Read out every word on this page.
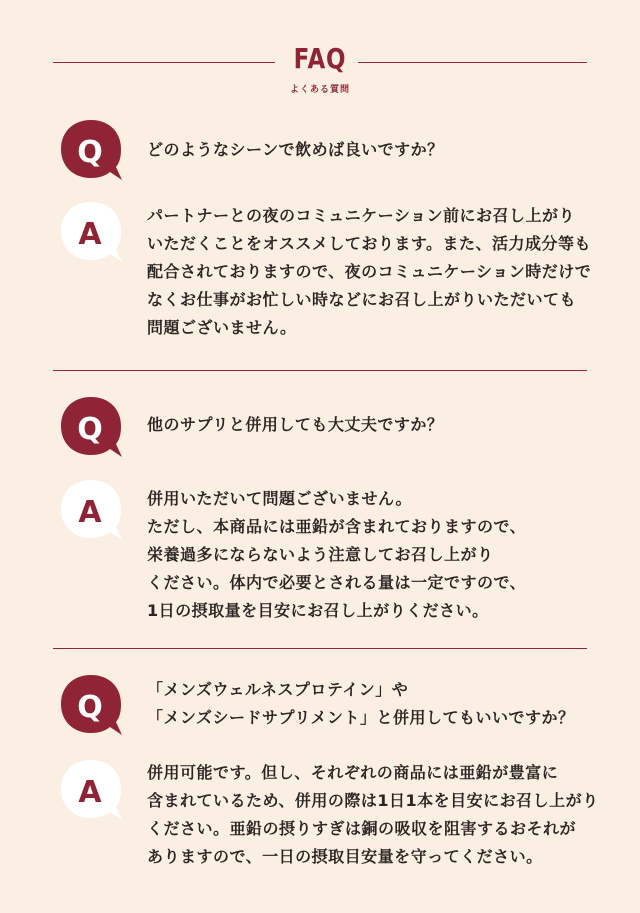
FAQ
よくある質問
Q	どのようなシーンで飲めば良いですか？
A
パートナーとの夜のコミュニケーション前にお召し上がり
いただくことをオススメしております。また、活力成分等も
配合されておりますので、夜のコミュニケーション時だけで
なくお仕事がお忙しい時などにお召し上がりいただいても
問題ございません。
Q	他のサプリと併用しても大丈夫ですか？
A	併用いただいて問題ございません。
ただし、本商品には亜鉛が含まれておりますので、
栄養過多にならないよう注意してお召し上がり
ください。体内で必要とされる量は一定ですので、
1日の摂取量を目安にお召し上がりください。
Q
「メンズウェルネスプロテイン」や
「メンズシードサプリメント」と併用してもいいですか？
A
併用可能です。但し、それぞれの商品には亜鉛が豊富に
含まれているため、併用の際は1日1本を目安にお召し上がり
ください。亜鉛の摂りすぎは銅の吸収を阻害するおそれが
ありますので、一日の摂取目安量を守ってください。
